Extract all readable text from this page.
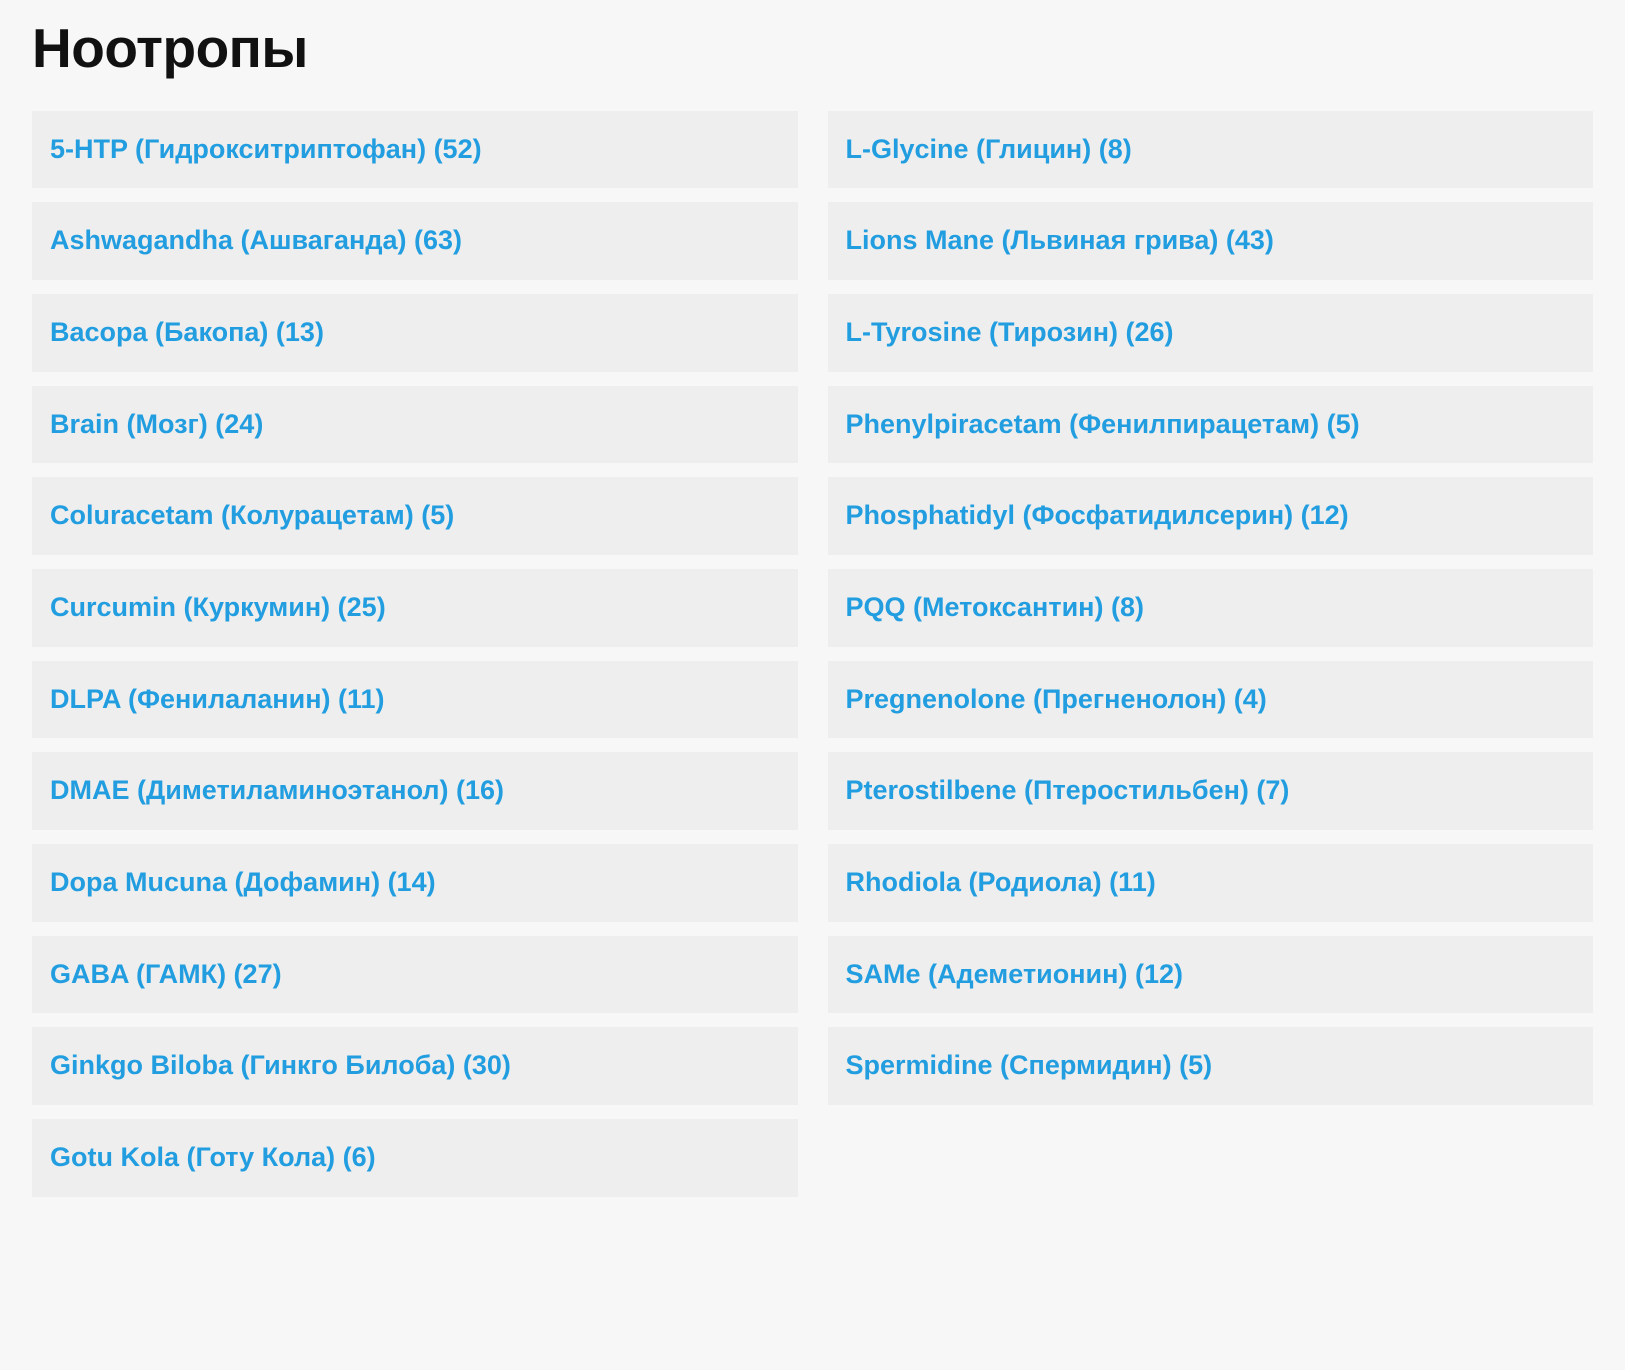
Ноотропы
5-HTP (Гидрокситриптофан) (52)
Ashwagandha (Ашваганда) (63)
Bacopa (Бакопа) (13)
Brain (Мозг) (24)
Coluracetam (Колурацетам) (5)
Curcumin (Куркумин) (25)
DLPA (Фенилаланин) (11)
DMAE (Диметиламиноэтанол) (16)
Dopa Mucuna (Дофамин) (14)
GABA (ГАМК) (27)
Ginkgo Biloba (Гинкго Билоба) (30)
Gotu Kola (Готу Кола) (6)
L-Glycine (Глицин) (8)
Lions Mane (Львиная грива) (43)
L-Tyrosine (Тирозин) (26)
Phenylpiracetam (Фенилпирацетам) (5)
Phosphatidyl (Фосфатидилсерин) (12)
PQQ (Метоксантин) (8)
Pregnenolone (Прегненолон) (4)
Pterostilbene (Птеростильбен) (7)
Rhodiola (Родиола) (11)
SAMe (Адеметионин) (12)
Spermidine (Спермидин) (5)
